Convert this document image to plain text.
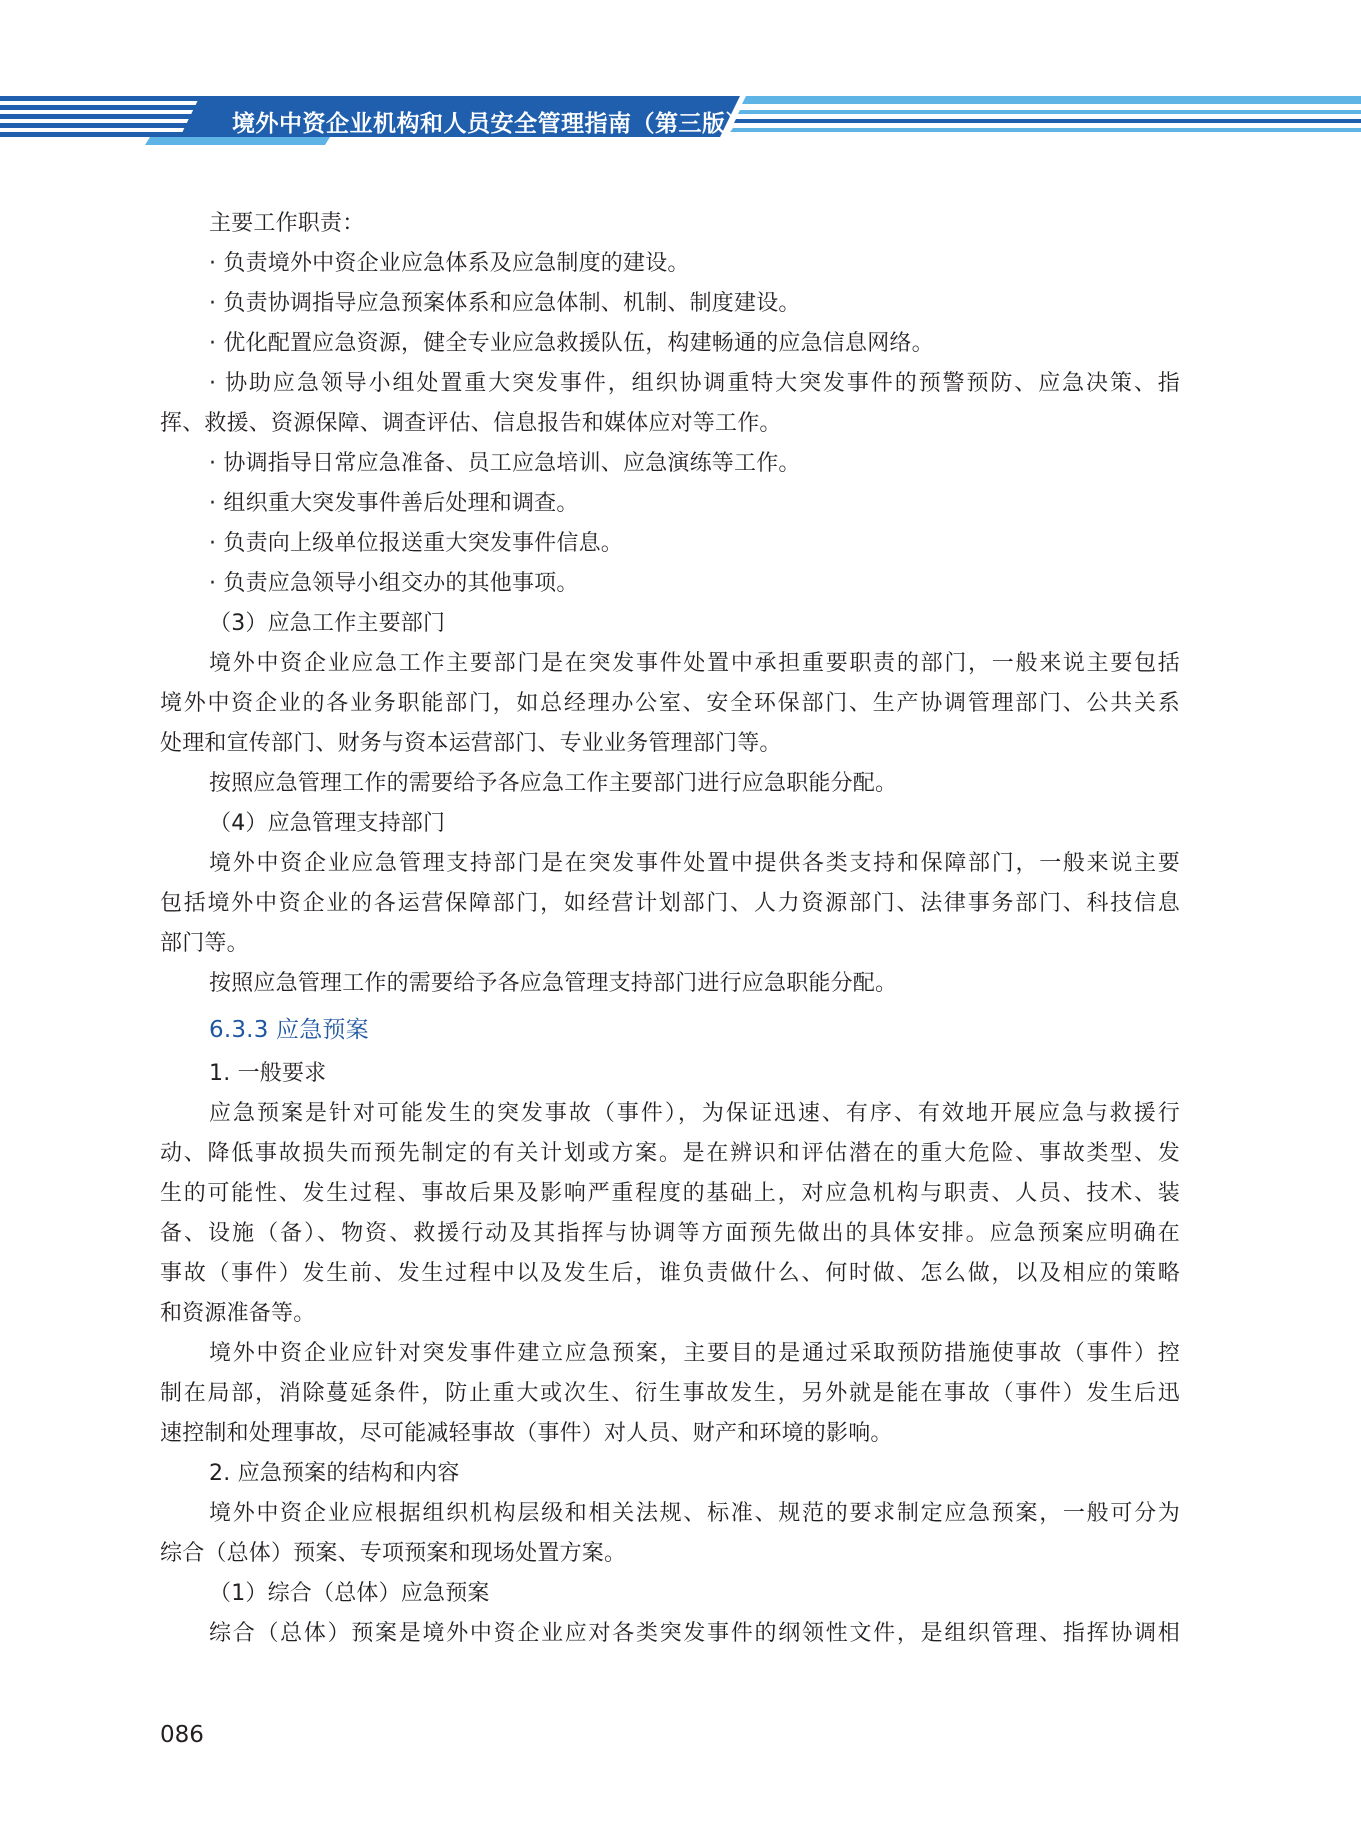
境外中资企业机构和人员安全管理指南（第三版）
主要工作职责：
· 负责境外中资企业应急体系及应急制度的建设。
· 负责协调指导应急预案体系和应急体制、机制、制度建设。
· 优化配置应急资源，健全专业应急救援队伍，构建畅通的应急信息网络。
· 协助应急领导小组处置重大突发事件，组织协调重特大突发事件的预警预防、应急决策、指
挥、救援、资源保障、调查评估、信息报告和媒体应对等工作。
· 协调指导日常应急准备、员工应急培训、应急演练等工作。
· 组织重大突发事件善后处理和调查。
· 负责向上级单位报送重大突发事件信息。
· 负责应急领导小组交办的其他事项。
（3）应急工作主要部门
境外中资企业应急工作主要部门是在突发事件处置中承担重要职责的部门，一般来说主要包括
境外中资企业的各业务职能部门，如总经理办公室、安全环保部门、生产协调管理部门、公共关系
处理和宣传部门、财务与资本运营部门、专业业务管理部门等。
按照应急管理工作的需要给予各应急工作主要部门进行应急职能分配。
（4）应急管理支持部门
境外中资企业应急管理支持部门是在突发事件处置中提供各类支持和保障部门，一般来说主要
包括境外中资企业的各运营保障部门，如经营计划部门、人力资源部门、法律事务部门、科技信息
部门等。
按照应急管理工作的需要给予各应急管理支持部门进行应急职能分配。
6.3.3 应急预案
1. 一般要求
应急预案是针对可能发生的突发事故（事件），为保证迅速、有序、有效地开展应急与救援行
动、降低事故损失而预先制定的有关计划或方案。是在辨识和评估潜在的重大危险、事故类型、发
生的可能性、发生过程、事故后果及影响严重程度的基础上，对应急机构与职责、人员、技术、装
备、设施（备）、物资、救援行动及其指挥与协调等方面预先做出的具体安排。应急预案应明确在
事故（事件）发生前、发生过程中以及发生后，谁负责做什么、何时做、怎么做，以及相应的策略
和资源准备等。
境外中资企业应针对突发事件建立应急预案，主要目的是通过采取预防措施使事故（事件）控
制在局部，消除蔓延条件，防止重大或次生、衍生事故发生，另外就是能在事故（事件）发生后迅
速控制和处理事故，尽可能减轻事故（事件）对人员、财产和环境的影响。
2. 应急预案的结构和内容
境外中资企业应根据组织机构层级和相关法规、标准、规范的要求制定应急预案，一般可分为
综合（总体）预案、专项预案和现场处置方案。
（1）综合（总体）应急预案
综合（总体）预案是境外中资企业应对各类突发事件的纲领性文件，是组织管理、指挥协调相
086
